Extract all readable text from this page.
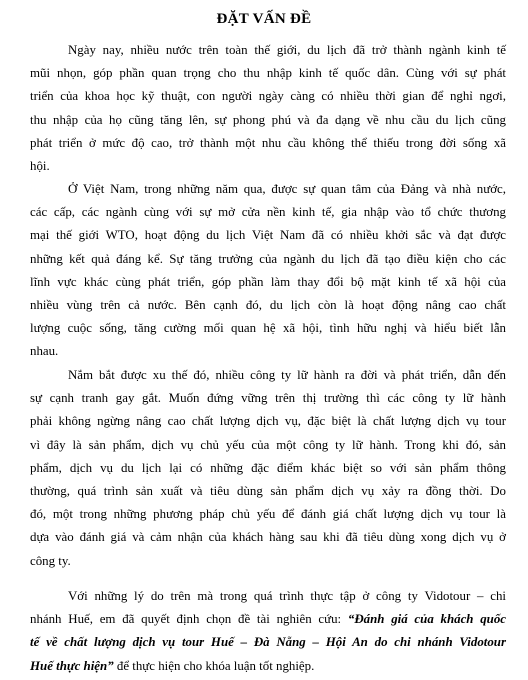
ĐẶT VẤN ĐỀ
Ngày nay, nhiều nước trên toàn thế giới, du lịch đã trở thành ngành kinh tế
mũi nhọn, góp phần quan trọng cho thu nhập kinh tế quốc dân. Cùng với sự phát
triển của khoa học kỹ thuật, con người ngày càng có nhiều thời gian để nghỉ ngơi,
thu nhập của họ cũng tăng lên, sự phong phú và đa dạng về nhu cầu du lịch cũng
phát triển ở mức độ cao, trở thành một nhu cầu không thể thiếu trong đời sống xã
hội.
Ở Việt Nam, trong những năm qua, được sự quan tâm của Đảng và nhà nước,
các cấp, các ngành cùng với sự mở cửa nền kinh tế, gia nhập vào tổ chức thương
mại thế giới WTO, hoạt động du lịch Việt Nam đã có nhiều khởi sắc và đạt được
những kết quả đáng kể. Sự tăng trưởng của ngành du lịch đã tạo điều kiện cho các
lĩnh vực khác cùng phát triển, góp phần làm thay đổi bộ mặt kinh tế xã hội của
nhiều vùng trên cả nước. Bên cạnh đó, du lịch còn là hoạt động nâng cao chất
lượng cuộc sống, tăng cường mối quan hệ xã hội, tình hữu nghị và hiểu biết lẫn
nhau.
Nắm bắt được xu thế đó, nhiều công ty lữ hành ra đời và phát triển, dẫn đến
sự cạnh tranh gay gắt. Muốn đứng vững trên thị trường thì các công ty lữ hành
phải không ngừng nâng cao chất lượng dịch vụ, đặc biệt là chất lượng dịch vụ tour
vì đây là sản phẩm, dịch vụ chủ yếu của một công ty lữ hành. Trong khi đó, sản
phẩm, dịch vụ du lịch lại có những đặc điểm khác biệt so với sản phẩm thông
thường, quá trình sản xuất và tiêu dùng sản phẩm dịch vụ xảy ra đồng thời. Do
đó, một trong những phương pháp chủ yếu để đánh giá chất lượng dịch vụ tour là
dựa vào đánh giá và cảm nhận của khách hàng sau khi đã tiêu dùng xong dịch vụ ở
công ty.
Với những lý do trên mà trong quá trình thực tập ở công ty Vidotour – chi
nhánh Huế, em đã quyết định chọn đề tài nghiên cứu: “Đánh giá của khách quốc
tế về chất lượng dịch vụ tour Huế – Đà Nẵng – Hội An do chi nhánh Vidotour
Huế thực hiện” để thực hiện cho khóa luận tốt nghiệp.
